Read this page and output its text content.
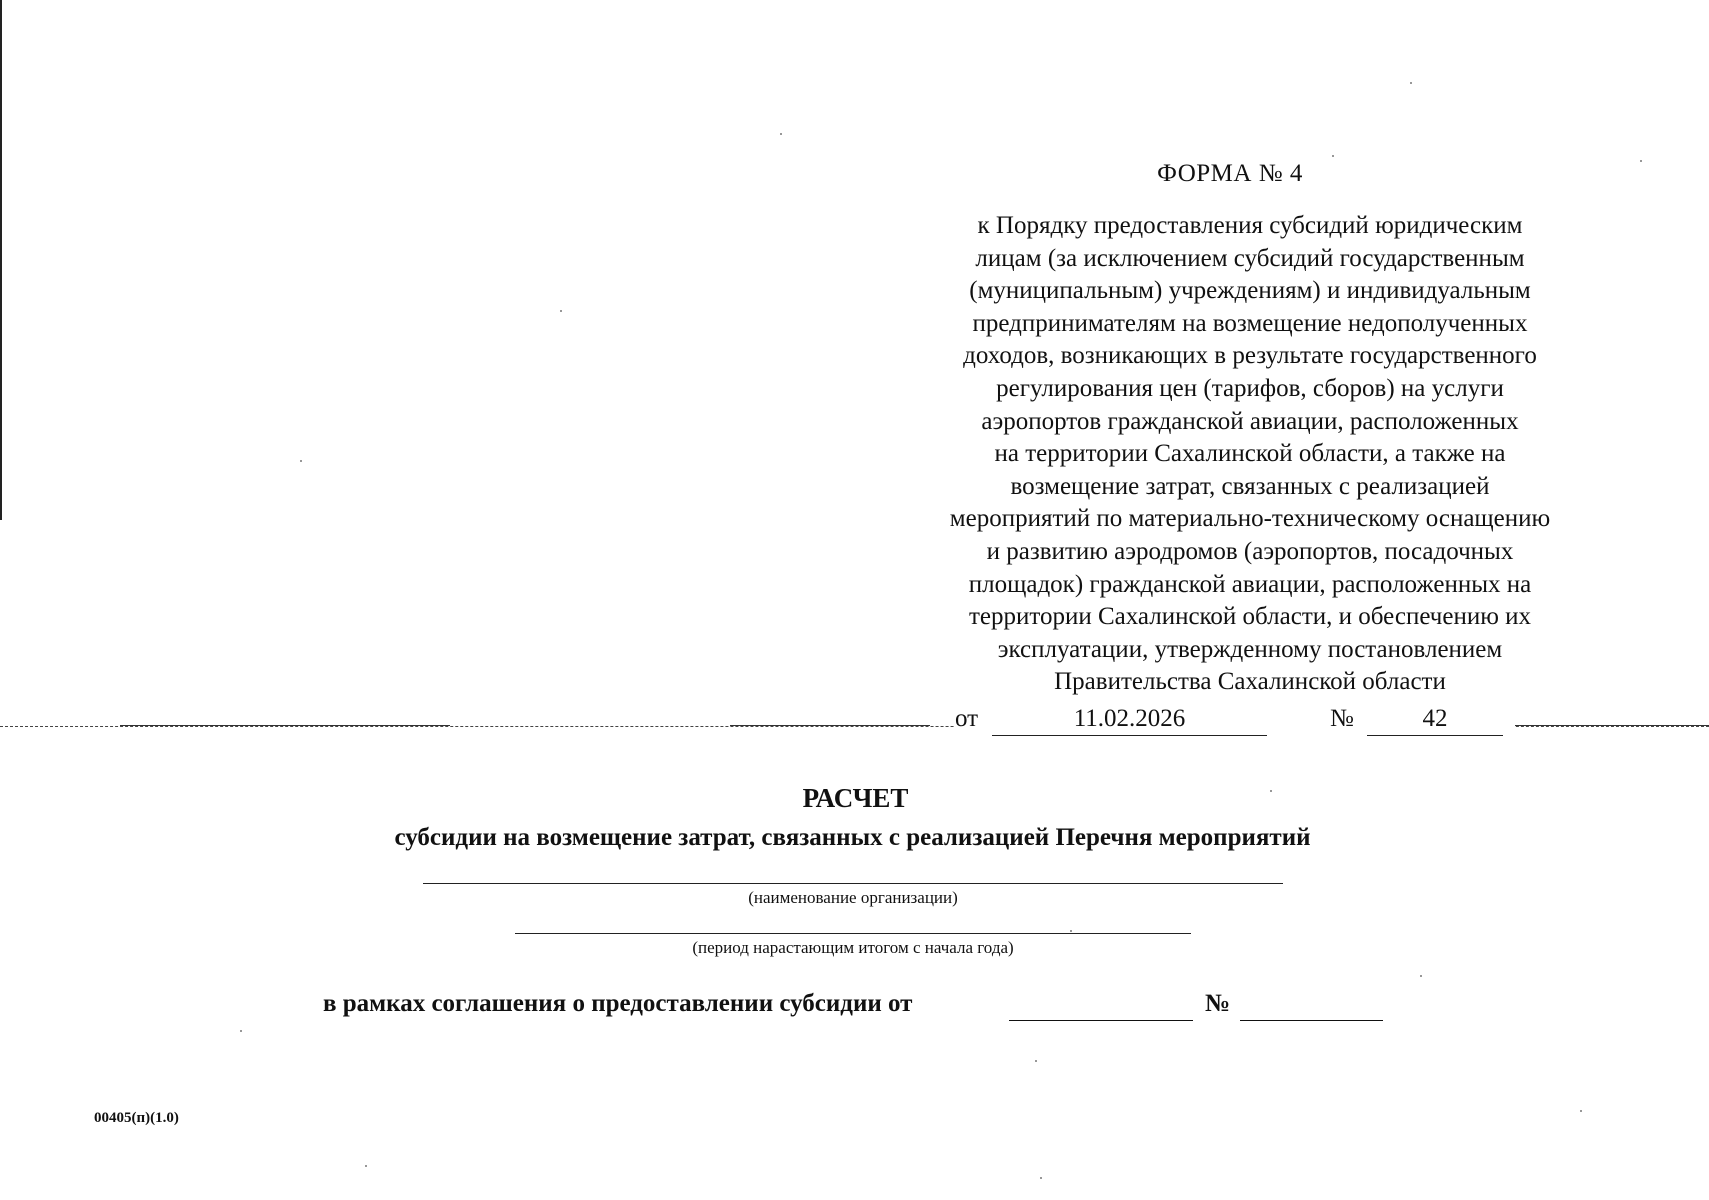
ФОРМА № 4
к Порядку предоставления субсидий юридическим
лицам (за исключением субсидий государственным
(муниципальным) учреждениям) и индивидуальным
предпринимателям на возмещение недополученных
доходов, возникающих в результате государственного
регулирования цен (тарифов, сборов) на услуги
аэропортов гражданской авиации, расположенных
на территории Сахалинской области, а также на
возмещение затрат, связанных с реализацией
мероприятий по материально-техническому оснащению
и развитию аэродромов (аэропортов, посадочных
площадок) гражданской авиации, расположенных на
территории Сахалинской области, и обеспечению их
эксплуатации, утвержденному постановлением
Правительства Сахалинской области
от	11.02.2026	№	42
РАСЧЕТ
субсидии на возмещение затрат, связанных с реализацией Перечня мероприятий
(наименование организации)
(период нарастающим итогом с начала года)
в рамках соглашения о предоставлении субсидии от	№
00405(п)(1.0)
